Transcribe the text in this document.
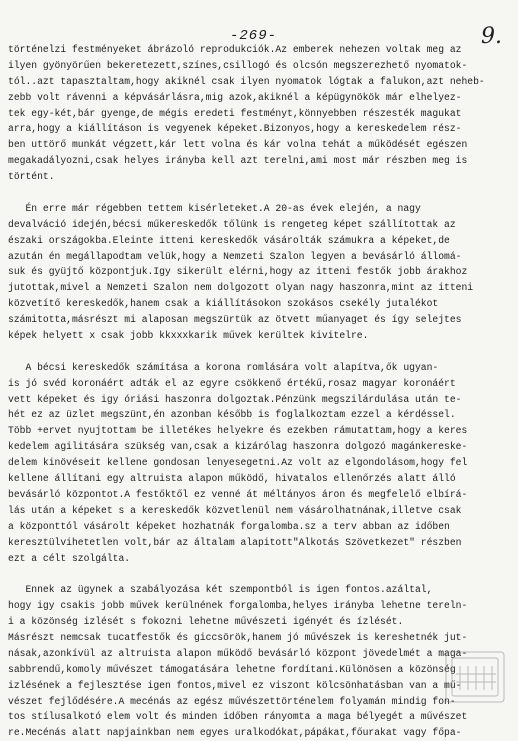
-269-	9.
történelzi festményeket ábrázoló reprodukciók.Az emberek nehezen voltak meg az
ilyen gyönyörűen bekeretezett,színes,csillogó és olcsón megszerezhető nyomatok-
tól..azt tapasztaltam,hogy akiknél csak ilyen nyomatok lógtak a falukon,azt neheb-
zebb volt rávenni a képvásárlásra,mig azok,akiknél a képügynökök már elhelyez-
tek egy-két,bár gyenge,de mégis eredeti festményt,könnyebben részesték magukat
arra,hogy a kiállításon is vegyenek képeket.Bizonyos,hogy a kereskedelem rész-
ben uttörő munkát végzett,kár lett volna és kár volna tehát a működését egészen
megakadályozni,csak helyes irányba kell azt terelni,ami most már részben meg is
történt.
Én erre már régebben tettem kisérleteket.A 20-as évek elején, a nagy
devalváció idején,bécsi műkereskedők tőlünk is rengeteg képet szállítottak az
északi országokba.Eleinte itteni kereskedők vásárolták számukra a képeket,de
azután én megállapodtam velük,hogy a Nemzeti Szalon legyen a bevásárló állomá-
suk és gyüjtő központjuk.Igy sikerült elérni,hogy az itteni festők jobb árakhoz
jutottak,mivel a Nemzeti Szalon nem dolgozott olyan nagy haszonra,mint az itteni
közvetítő kereskedők,hanem csak a kiállításokon szokásos csekély jutalékot
számitotta,másrészt mi alaposan megszürtük az ötvett műanyaget és így selejtes
képek helyett x csak jobb kkxxxkarik művek kerültek kivitelre.
A bécsi kereskedők számítása a korona romlására volt alapítva,ők ugyan-
is jó svéd koronáért adták el az egyre csökkenő értékű,rosaz magyar koronáért
vett képeket és igy óriási haszonra dolgoztak.Pénzünk megszilárdulása után te-
hét ez az üzlet megszünt,én azonban később is foglalkoztam ezzel a kérdéssel.
Több +ervet nyujtottam be illetékes helyekre és ezekben rámutattam,hogy a keres
kedelem agilitására szükség van,csak a kizárólag haszonra dolgozó magánkereske-
delem kinövéseit kellene gondosan lenyesegetni.Az volt az elgondolásom,hogy fel
kellene állítani egy altruista alapon működő, hivatalos ellenőrzés alatt álló
bevásárló központot.A festőktől ez venné át méltányos áron és megfelelő elbírá-
lás után a képeket s a kereskedők közvetlenül nem vásárolhatnának,illetve csak
a központtól vásárolt képeket hozhatnák forgalomba.sz a terv abban az időben
keresztülvihetetlen volt,bár az általam alapitott"Alkotás Szövetkezet" részben
ezt a célt szolgálta.
Ennek az ügynek a szabályozása két szempontból is igen fontos.azáltal,
hogy igy csakis jobb művek kerülnének forgalomba,helyes irányba lehetne tereln-
i a közönség izlését s fokozni lehetne művészeti igényét és ízlését.
Másrészt nemcsak tucatfestők és giccsörök,hanem jó művészek is kereshetnék jut-
násak,azonkívül az altruista alapon működő bevásárló központ jövedelmét a maga-
sabbrendű,komoly művészet támogatására lehetne fordítani.Különösen a közönség
izlésének a fejlesztése igen fontos,mivel ez viszont kölcsönhatásban van a mű-
vészet fejlődésére.A mecénás az egész művészettörténelem folyamán mindig fon-
tos stílusalkotó elem volt és minden időben rányomta a maga bélyegét a művészet
re.Mecénás alatt napjainkban nem egyes uralkodókat,pápákat,főurakat vagy főpa-
